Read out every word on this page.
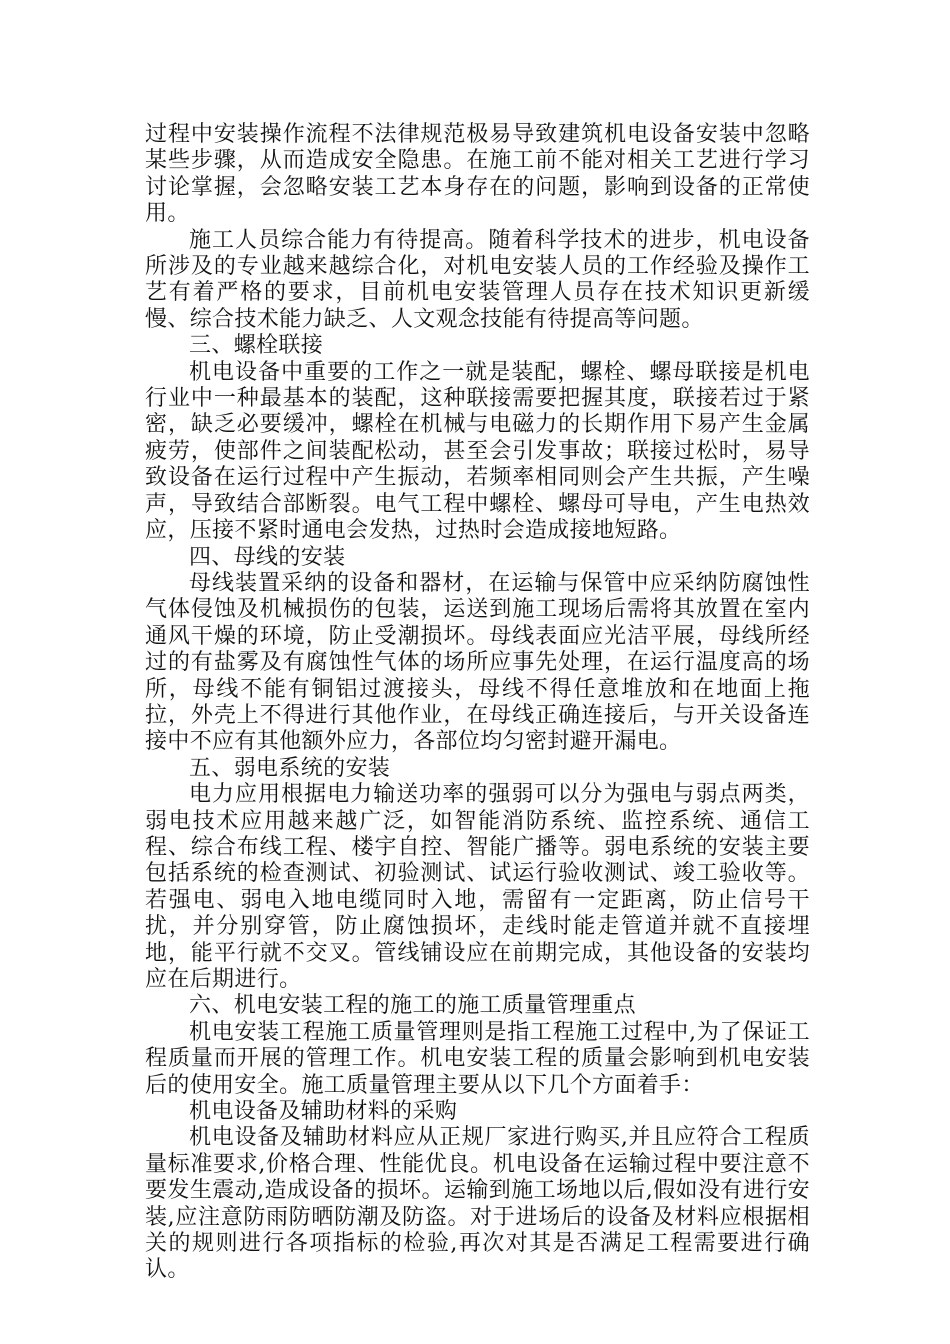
过程中安装操作流程不法律规范极易导致建筑机电设备安装中忽略某些步骤，从而造成安全隐患。在施工前不能对相关工艺进行学习讨论掌握，会忽略安装工艺本身存在的问题，影响到设备的正常使用。

施工人员综合能力有待提高。随着科学技术的进步，机电设备所涉及的专业越来越综合化，对机电安装人员的工作经验及操作工艺有着严格的要求，目前机电安装管理人员存在技术知识更新缓慢、综合技术能力缺乏、人文观念技能有待提高等问题。

三、螺栓联接

机电设备中重要的工作之一就是装配，螺栓、螺母联接是机电行业中一种最基本的装配，这种联接需要把握其度，联接若过于紧密，缺乏必要缓冲，螺栓在机械与电磁力的长期作用下易产生金属疲劳，使部件之间装配松动，甚至会引发事故；联接过松时，易导致设备在运行过程中产生振动，若频率相同则会产生共振，产生噪声，导致结合部断裂。电气工程中螺栓、螺母可导电，产生电热效应，压接不紧时通电会发热，过热时会造成接地短路。

四、母线的安装

母线装置采纳的设备和器材，在运输与保管中应采纳防腐蚀性气体侵蚀及机械损伤的包装，运送到施工现场后需将其放置在室内通风干燥的环境，防止受潮损坏。母线表面应光洁平展，母线所经过的有盐雾及有腐蚀性气体的场所应事先处理，在运行温度高的场所，母线不能有铜铝过渡接头，母线不得任意堆放和在地面上拖拉，外壳上不得进行其他作业，在母线正确连接后，与开关设备连接中不应有其他额外应力，各部位均匀密封避开漏电。

五、弱电系统的安装

电力应用根据电力输送功率的强弱可以分为强电与弱点两类，弱电技术应用越来越广泛，如智能消防系统、监控系统、通信工程、综合布线工程、楼宇自控、智能广播等。弱电系统的安装主要包括系统的检查测试、初验测试、试运行验收测试、竣工验收等。若强电、弱电入地电缆同时入地，需留有一定距离，防止信号干扰，并分别穿管，防止腐蚀损坏，走线时能走管道并就不直接埋地，能平行就不交叉。管线铺设应在前期完成，其他设备的安装均应在后期进行。

六、机电安装工程的施工的施工质量管理重点

机电安装工程施工质量管理则是指工程施工过程中,为了保证工程质量而开展的管理工作。机电安装工程的质量会影响到机电安装后的使用安全。施工质量管理主要从以下几个方面着手：

机电设备及辅助材料的采购

机电设备及辅助材料应从正规厂家进行购买,并且应符合工程质量标准要求,价格合理、性能优良。机电设备在运输过程中要注意不要发生震动,造成设备的损坏。运输到施工场地以后,假如没有进行安装,应注意防雨防晒防潮及防盗。对于进场后的设备及材料应根据相关的规则进行各项指标的检验,再次对其是否满足工程需要进行确认。
